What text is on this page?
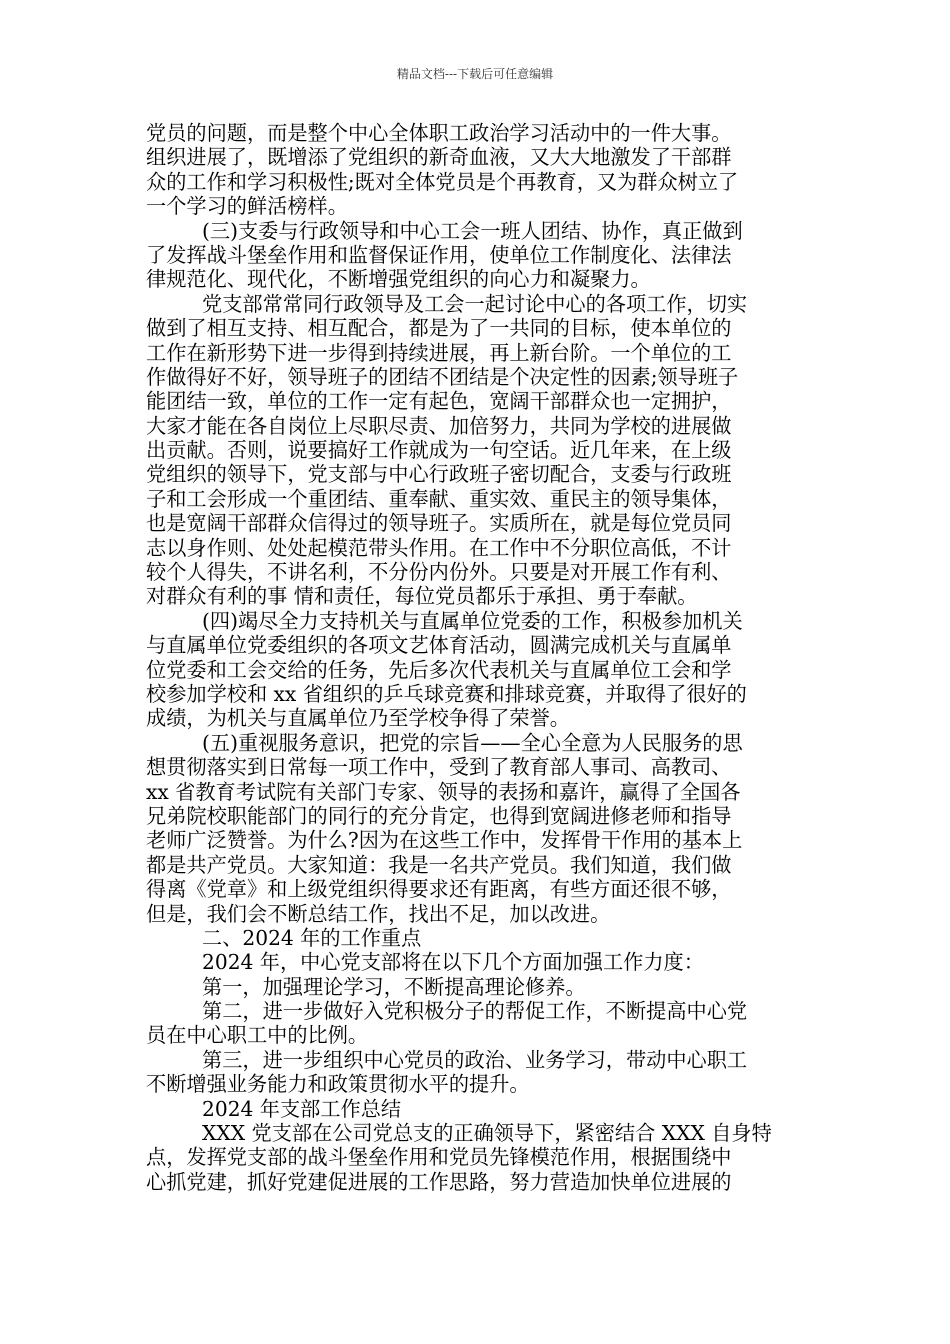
精品文档---下载后可任意编辑
党员的问题，而是整个中心全体职工政治学习活动中的一件大事。
组织进展了，既增添了党组织的新奇血液，又大大地激发了干部群
众的工作和学习积极性;既对全体党员是个再教育，又为群众树立了
一个学习的鲜活榜样。
(三)支委与行政领导和中心工会一班人团结、协作，真正做到
了发挥战斗堡垒作用和监督保证作用，使单位工作制度化、法律法
律规范化、现代化，不断增强党组织的向心力和凝聚力。
党支部常常同行政领导及工会一起讨论中心的各项工作，切实
做到了相互支持、相互配合，都是为了一共同的目标，使本单位的
工作在新形势下进一步得到持续进展，再上新台阶。一个单位的工
作做得好不好，领导班子的团结不团结是个决定性的因素;领导班子
能团结一致，单位的工作一定有起色，宽阔干部群众也一定拥护，
大家才能在各自岗位上尽职尽责、加倍努力，共同为学校的进展做
出贡献。否则，说要搞好工作就成为一句空话。近几年来，在上级
党组织的领导下，党支部与中心行政班子密切配合，支委与行政班
子和工会形成一个重团结、重奉献、重实效、重民主的领导集体，
也是宽阔干部群众信得过的领导班子。实质所在，就是每位党员同
志以身作则、处处起模范带头作用。在工作中不分职位高低，不计
较个人得失，不讲名利，不分份内份外。只要是对开展工作有利、
对群众有利的事 情和责任，每位党员都乐于承担、勇于奉献。
(四)竭尽全力支持机关与直属单位党委的工作，积极参加机关
与直属单位党委组织的各项文艺体育活动，圆满完成机关与直属单
位党委和工会交给的任务，先后多次代表机关与直属单位工会和学
校参加学校和 xx 省组织的乒乓球竞赛和排球竞赛，并取得了很好的
成绩，为机关与直属单位乃至学校争得了荣誉。
(五)重视服务意识，把党的宗旨——全心全意为人民服务的思
想贯彻落实到日常每一项工作中，受到了教育部人事司、高教司、
xx 省教育考试院有关部门专家、领导的表扬和嘉许，赢得了全国各
兄弟院校职能部门的同行的充分肯定，也得到宽阔进修老师和指导
老师广泛赞誉。为什么?因为在这些工作中，发挥骨干作用的基本上
都是共产党员。大家知道：我是一名共产党员。我们知道，我们做
得离《党章》和上级党组织得要求还有距离，有些方面还很不够，
但是，我们会不断总结工作，找出不足，加以改进。
二、2024 年的工作重点
2024 年，中心党支部将在以下几个方面加强工作力度：
第一，加强理论学习，不断提高理论修养。
第二，进一步做好入党积极分子的帮促工作，不断提高中心党
员在中心职工中的比例。
第三，进一步组织中心党员的政治、业务学习，带动中心职工
不断增强业务能力和政策贯彻水平的提升。
2024 年支部工作总结
XXX 党支部在公司党总支的正确领导下，紧密结合 XXX 自身特
点，发挥党支部的战斗堡垒作用和党员先锋模范作用，根据围绕中
心抓党建，抓好党建促进展的工作思路，努力营造加快单位进展的
